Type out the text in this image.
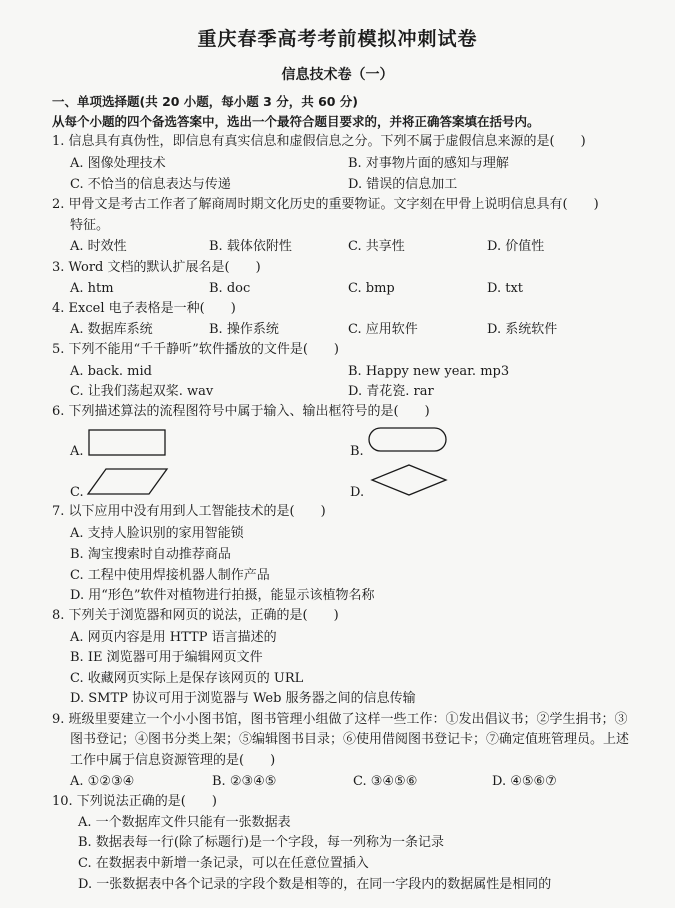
重庆春季高考考前模拟冲刺试卷
信息技术卷（一）
一、单项选择题(共 20 小题，每小题 3 分，共 60 分)
从每个小题的四个备选答案中，选出一个最符合题目要求的，并将正确答案填在括号内。
1. 信息具有真伪性，即信息有真实信息和虚假信息之分。下列不属于虚假信息来源的是(　　)
A. 图像处理技术	B. 对事物片面的感知与理解
C. 不恰当的信息表达与传递	D. 错误的信息加工
2. 甲骨文是考古工作者了解商周时期文化历史的重要物证。文字刻在甲骨上说明信息具有(　　)
特征。
A. 时效性	B. 载体依附性	C. 共享性	D. 价值性
3. Word 文档的默认扩展名是(　　)
A. htm	B. doc	C. bmp	D. txt
4. Excel 电子表格是一种(　　)
A. 数据库系统	B. 操作系统	C. 应用软件	D. 系统软件
5. 下列不能用“千千静听”软件播放的文件是(　　)
A. back. mid	B. Happy new year. mp3
C. 让我们荡起双桨. wav	D. 青花瓷. rar
6. 下列描述算法的流程图符号中属于输入、输出框符号的是(　　)
A.	B.
C.	D.
7. 以下应用中没有用到人工智能技术的是(　　)
A. 支持人脸识别的家用智能锁
B. 淘宝搜索时自动推荐商品
C. 工程中使用焊接机器人制作产品
D. 用“形色”软件对植物进行拍摄，能显示该植物名称
8. 下列关于浏览器和网页的说法，正确的是(　　)
A. 网页内容是用 HTTP 语言描述的
B. IE 浏览器可用于编辑网页文件
C. 收藏网页实际上是保存该网页的 URL
D. SMTP 协议可用于浏览器与 Web 服务器之间的信息传输
9. 班级里要建立一个小小图书馆，图书管理小组做了这样一些工作：①发出倡议书；②学生捐书；③
图书登记；④图书分类上架；⑤编辑图书目录；⑥使用借阅图书登记卡；⑦确定值班管理员。上述
工作中属于信息资源管理的是(　　)
A. ①②③④	B. ②③④⑤	C. ③④⑤⑥	D. ④⑤⑥⑦
10. 下列说法正确的是(　　)
A. 一个数据库文件只能有一张数据表
B. 数据表每一行(除了标题行)是一个字段，每一列称为一条记录
C. 在数据表中新增一条记录，可以在任意位置插入
D. 一张数据表中各个记录的字段个数是相等的，在同一字段内的数据属性是相同的
